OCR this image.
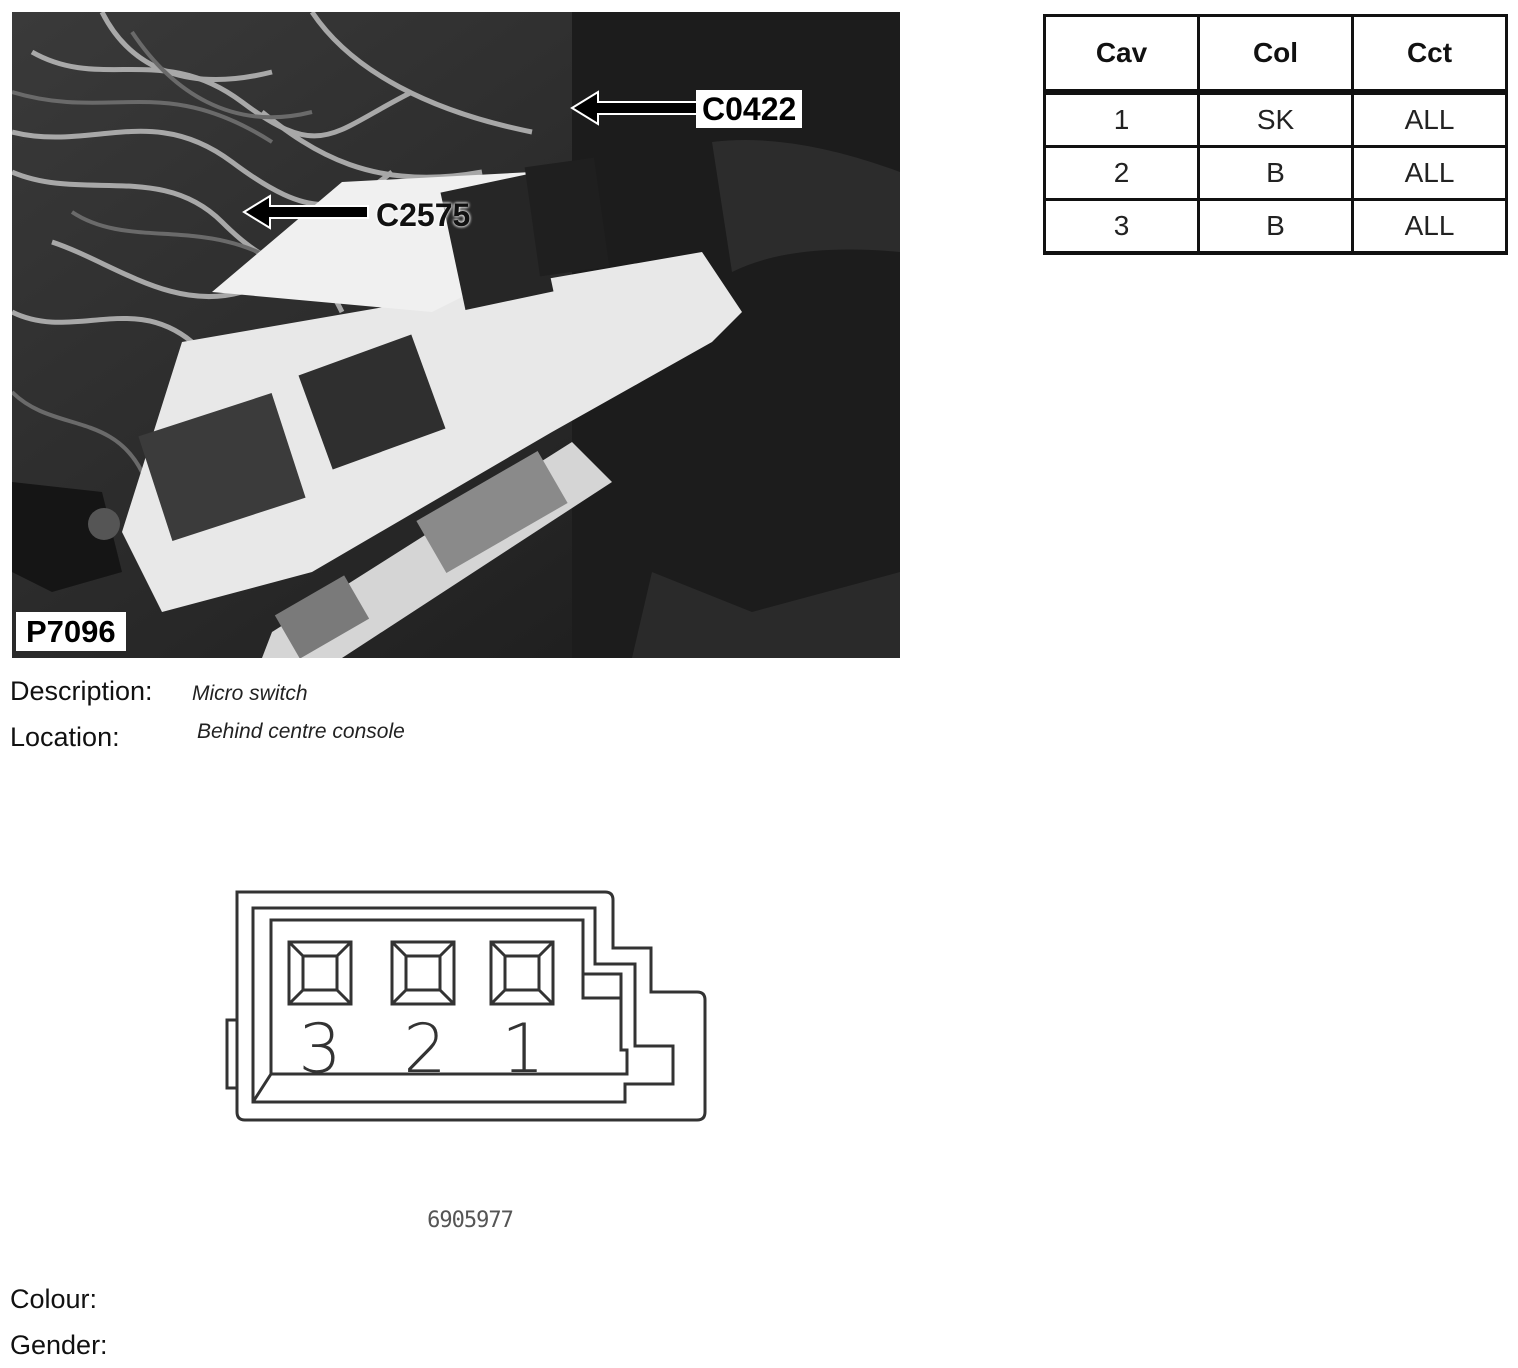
C0422
C2575
P7096
Cav	Col	Cct
1	SK	ALL
2	B	ALL
3	B	ALL
Description: Micro switch
Location:	Behind centre console
3 2 1
6905977
Colour:
Gender:
